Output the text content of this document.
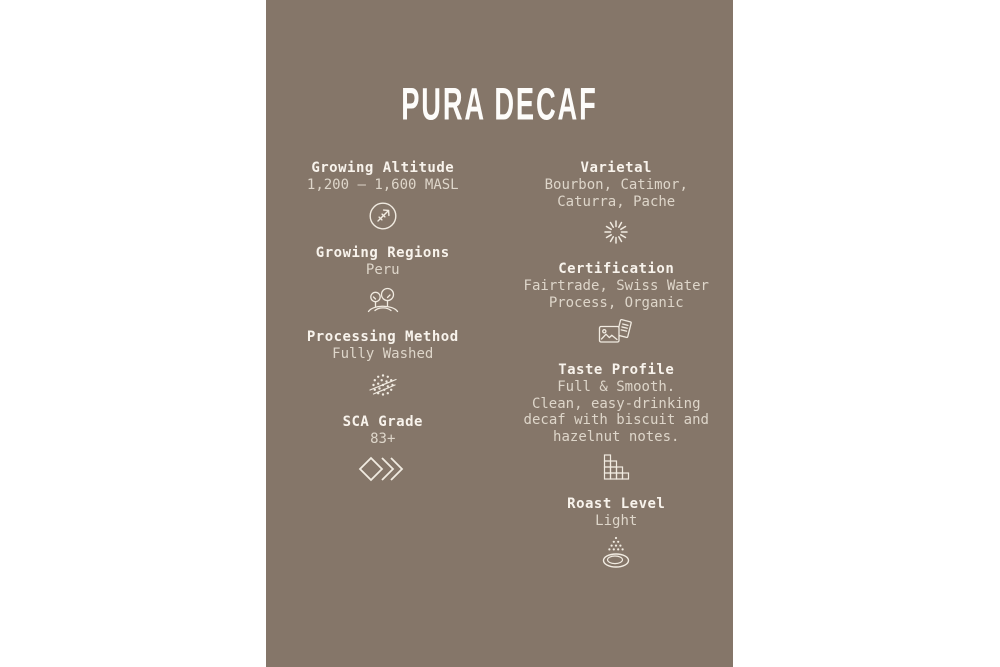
PURA DECAF
Growing Altitude
1,200 – 1,600 MASL
Growing Regions
Peru
Processing Method
Fully Washed
SCA Grade
83+
Varietal
Bourbon, Catimor,
Caturra, Pache
Certification
Fairtrade, Swiss Water
Process, Organic
Taste Profile
Full & Smooth.
Clean, easy-drinking
decaf with biscuit and
hazelnut notes.
Roast Level
Light
